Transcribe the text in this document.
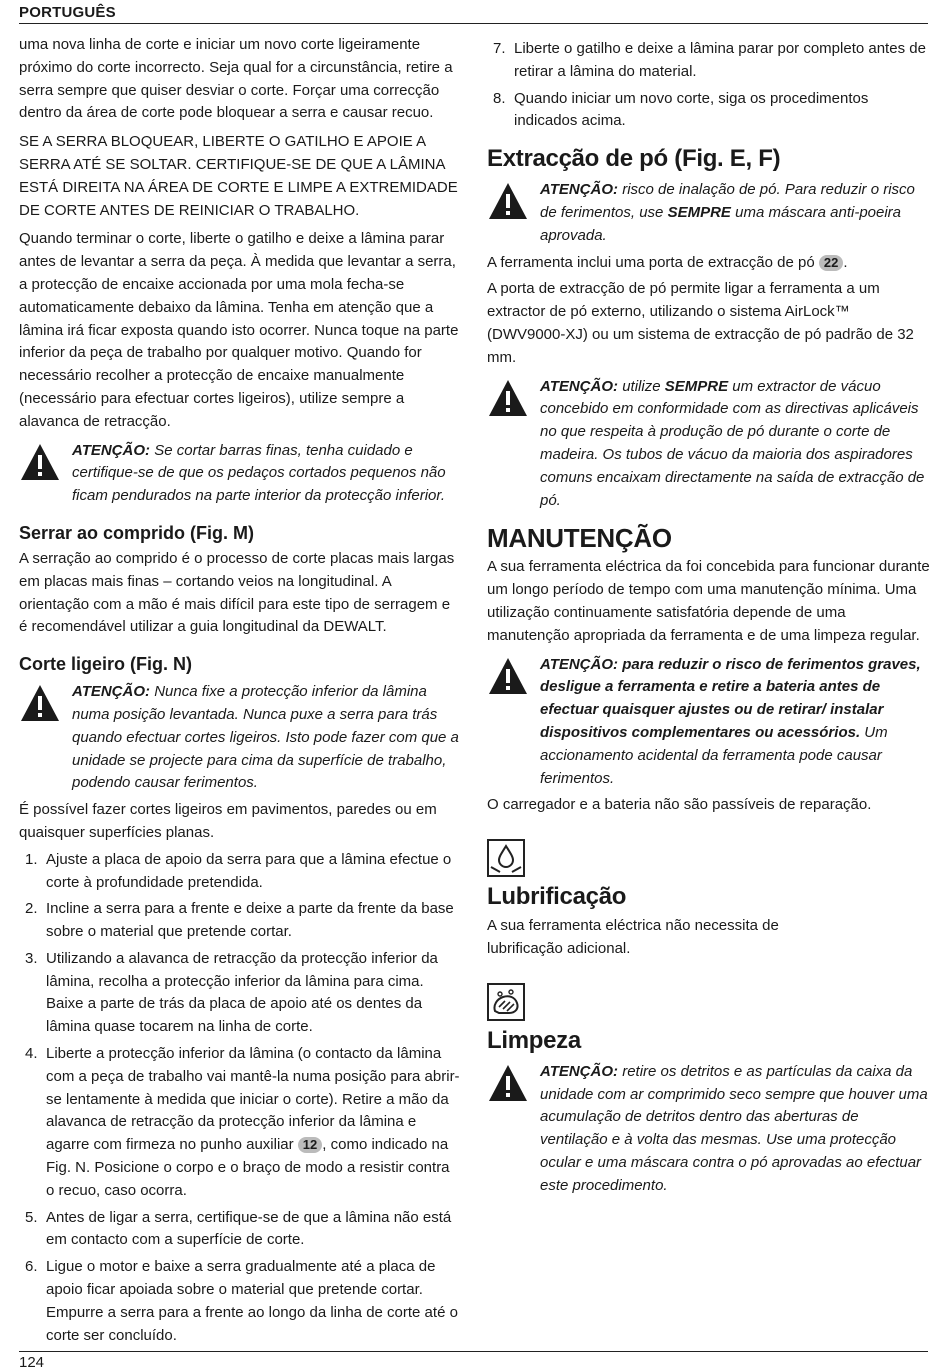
PORTUGUÊS

uma nova linha de corte e iniciar um novo corte ligeiramente próximo do corte incorrecto. Seja qual for a circunstância, retire a serra sempre que quiser desviar o corte. Forçar uma correcção dentro da área de corte pode bloquear a serra e causar recuo.

SE A SERRA BLOQUEAR, LIBERTE O GATILHO E APOIE A SERRA ATÉ SE SOLTAR. CERTIFIQUE-SE DE QUE A LÂMINA ESTÁ DIREITA NA ÁREA DE CORTE E LIMPE A EXTREMIDADE DE CORTE ANTES DE REINICIAR O TRABALHO.

Quando terminar o corte, liberte o gatilho e deixe a lâmina parar antes de levantar a serra da peça. À medida que levantar a serra, a protecção de encaixe accionada por uma mola fecha-se automaticamente debaixo da lâmina. Tenha em atenção que a lâmina irá ficar exposta quando isto ocorrer. Nunca toque na parte inferior da peça de trabalho por qualquer motivo. Quando for necessário recolher a protecção de encaixe manualmente (necessário para efectuar cortes ligeiros), utilize sempre a alavanca de retracção.

ATENÇÃO: Se cortar barras finas, tenha cuidado e certifique-se de que os pedaços cortados pequenos não ficam pendurados na parte interior da protecção inferior.
Serrar ao comprido (Fig. M)

A serração ao comprido é o processo de corte placas mais largas em placas mais finas – cortando veios na longitudinal. A orientação com a mão é mais difícil para este tipo de serragem e é recomendável utilizar a guia longitudinal da DEWALT.

Corte ligeiro (Fig. N)
ATENÇÃO: Nunca fixe a protecção inferior da lâmina numa posição levantada. Nunca puxe a serra para trás quando efectuar cortes ligeiros. Isto pode fazer com que a unidade se projecte para cima da superfície de trabalho, podendo causar ferimentos.

É possível fazer cortes ligeiros em pavimentos, paredes ou em quaisquer superfícies planas.

1. Ajuste a placa de apoio da serra para que a lâmina efectue o corte à profundidade pretendida.
2. Incline a serra para a frente e deixe a parte da frente da base sobre o material que pretende cortar.
3. Utilizando a alavanca de retracção da protecção inferior da lâmina, recolha a protecção inferior da lâmina para cima. Baixe a parte de trás da placa de apoio até os dentes da lâmina quase tocarem na linha de corte.
4. Liberte a protecção inferior da lâmina (o contacto da lâmina com a peça de trabalho vai mantê-la numa posição para abrir-se lentamente à medida que iniciar o corte). Retire a mão da alavanca de retracção da protecção inferior da lâmina e agarre com firmeza no punho auxiliar 12 , como indicado na Fig. N. Posicione o corpo e o braço de modo a resistir contra o recuo, caso ocorra.
5. Antes de ligar a serra, certifique-se de que a lâmina não está em contacto com a superfície de corte.
6. Ligue o motor e baixe a serra gradualmente até a placa de apoio ficar apoiada sobre o material que pretende cortar. Empurre a serra para a frente ao longo da linha de corte até o corte ser concluído.
7. Liberte o gatilho e deixe a lâmina parar por completo antes de retirar a lâmina do material.
8. Quando iniciar um novo corte, siga os procedimentos indicados acima.
Extracção de pó (Fig. E, F)
ATENÇÃO: risco de inalação de pó. Para reduzir o risco de ferimentos, use SEMPRE uma máscara anti-poeira aprovada.

A ferramenta inclui uma porta de extracção de pó 22 .

A porta de extracção de pó permite ligar a ferramenta a um extractor de pó externo, utilizando o sistema AirLock™ (DWV9000-XJ) ou um sistema de extracção de pó padrão de 32 mm.

ATENÇÃO: utilize SEMPRE um extractor de vácuo concebido em conformidade com as directivas aplicáveis no que respeita à produção de pó durante o corte de madeira. Os tubos de vácuo da maioria dos aspiradores comuns encaixam directamente na saída de extracção de pó.
MANUTENÇÃO

A sua ferramenta eléctrica da foi concebida para funcionar durante um longo período de tempo com uma manutenção mínima. Uma utilização continuamente satisfatória depende de uma manutenção apropriada da ferramenta e de uma limpeza regular.

ATENÇÃO: para reduzir o risco de ferimentos graves, desligue a ferramenta e retire a bateria antes de efectuar quaisquer ajustes ou de retirar/ instalar dispositivos complementares ou acessórios. Um accionamento acidental da ferramenta pode causar ferimentos.

O carregador e a bateria não são passíveis de reparação.

Lubrificação

A sua ferramenta eléctrica não necessita de lubrificação adicional.

Limpeza
ATENÇÃO: retire os detritos e as partículas da caixa da unidade com ar comprimido seco sempre que houver uma acumulação de detritos dentro das aberturas de ventilação e à volta das mesmas. Use uma protecção ocular e uma máscara contra o pó aprovadas ao efectuar este procedimento.
124
